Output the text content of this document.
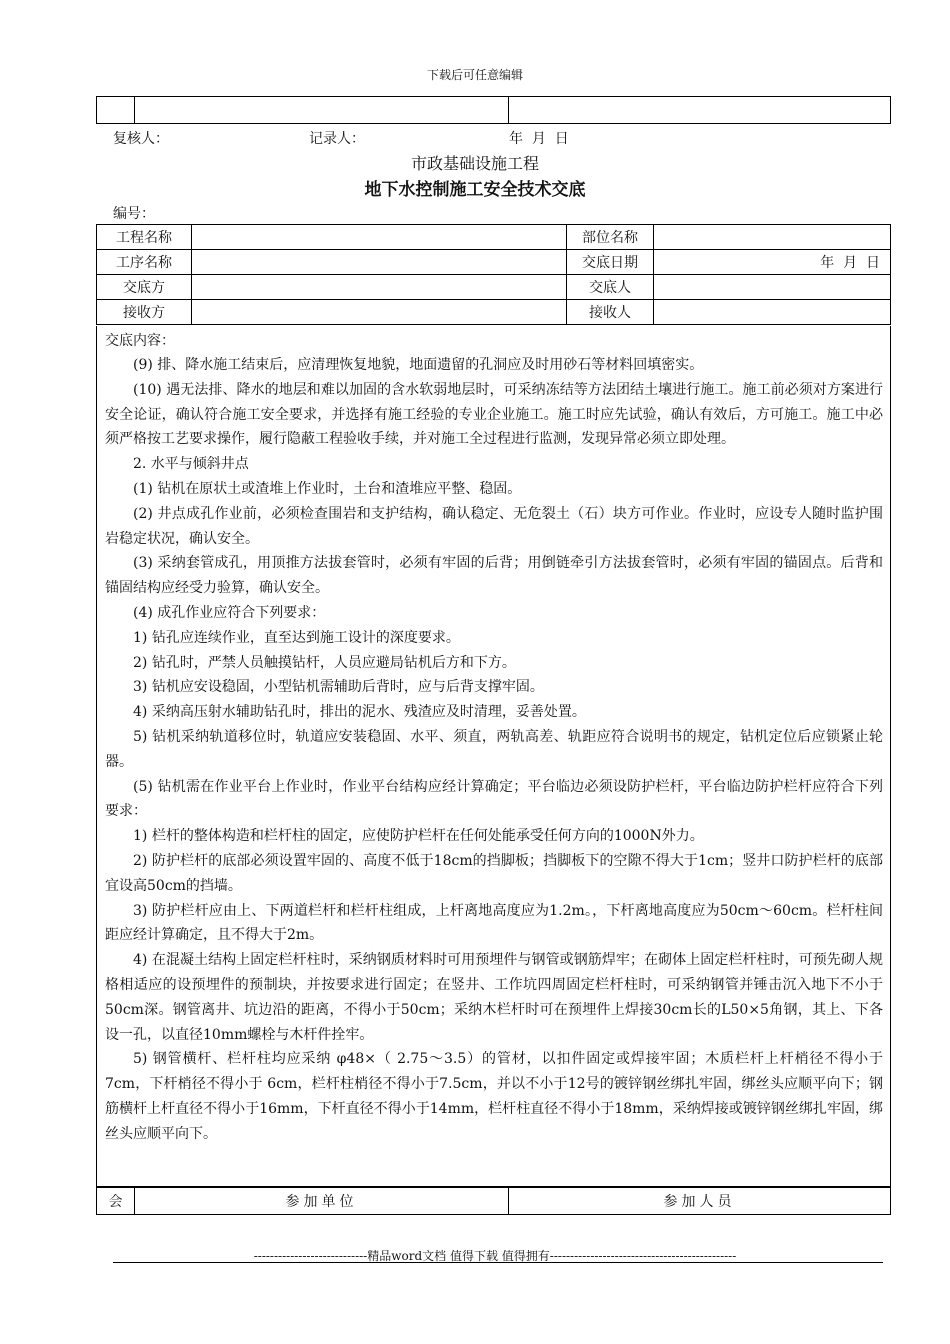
下载后可任意编辑

复核人：	记录人：	年  月  日
市政基础设施工程
地下水控制施工安全技术交底
编号：
工程名称		部位名称	
工序名称		交底日期	年  月  日
交底方		交底人	
接收方		接收人	
交底内容：

(9) 排、降水施工结束后，应清理恢复地貌，地面遗留的孔洞应及时用砂石等材料回填密实。

(10) 遇无法排、降水的地层和难以加固的含水软弱地层时，可采纳冻结等方法团结土壤进行施工。施工前必须对方案进行安全论证，确认符合施工安全要求，并选择有施工经验的专业企业施工。施工时应先试验，确认有效后，方可施工。施工中必须严格按工艺要求操作，履行隐蔽工程验收手续，并对施工全过程进行监测，发现异常必须立即处理。

2. 水平与倾斜井点

(1) 钻机在原状土或渣堆上作业时，土台和渣堆应平整、稳固。

(2) 井点成孔作业前，必须检查围岩和支护结构，确认稳定、无危裂土（石）块方可作业。作业时，应设专人随时监护围岩稳定状况，确认安全。

(3) 采纳套管成孔，用顶推方法拔套管时，必须有牢固的后背；用倒链牵引方法拔套管时，必须有牢固的锚固点。后背和锚固结构应经受力验算，确认安全。

(4) 成孔作业应符合下列要求：

1) 钻孔应连续作业，直至达到施工设计的深度要求。

2) 钻孔时，严禁人员触摸钻杆，人员应避局钻机后方和下方。

3) 钻机应安设稳固，小型钻机需辅助后背时，应与后背支撑牢固。

4) 采纳高压射水辅助钻孔时，排出的泥水、残渣应及时清理，妥善处置。

5) 钻机采纳轨道移位时，轨道应安装稳固、水平、须直，两轨高差、轨距应符合说明书的规定，钻机定位后应锁紧止轮器。

(5) 钻机需在作业平台上作业时，作业平台结构应经计算确定；平台临边必须设防护栏杆，平台临边防护栏杆应符合下列要求：

1) 栏杆的整体构造和栏杆柱的固定，应使防护栏杆在任何处能承受任何方向的1000N外力。

2) 防护栏杆的底部必须设置牢固的、高度不低于18cm的挡脚板；挡脚板下的空隙不得大于1cm；竖井口防护栏杆的底部宜设高50cm的挡墙。

3) 防护栏杆应由上、下两道栏杆和栏杆柱组成，上杆离地高度应为1.2m。，下杆离地高度应为50cm～60cm。栏杆柱间距应经计算确定，且不得大于2m。

4) 在混凝土结构上固定栏杆柱时，采纳钢质材料时可用预埋件与钢管或钢筋焊牢；在砌体上固定栏杆柱时，可预先砌人规格相适应的设预埋件的预制块，并按要求进行固定；在竖井、工作坑四周固定栏杆柱时，可采纳钢管并锤击沉入地下不小于50cm深。钢管离井、坑边沿的距离，不得小于50cm；采纳木栏杆时可在预埋件上焊接30cm长的L50×5角钢，其上、下各设一孔，以直径10mm螺栓与木杆件拴牢。

5) 钢管横杆、栏杆柱均应采纳 φ48×（ 2.75～3.5）的管材，以扣件固定或焊接牢固；木质栏杆上杆梢径不得小于 7cm，下杆梢径不得小于 6cm，栏杆柱梢径不得小于7.5cm，并以不小于12号的镀锌钢丝绑扎牢固，绑丝头应顺平向下；钢筋横杆上杆直径不得小于16mm，下杆直径不得小于14mm，栏杆柱直径不得小于18mm，采纳焊接或镀锌钢丝绑扎牢固，绑丝头应顺平向下。

会	参加单位	参加人员
----------------------------精品word文档 值得下载 值得拥有----------------------------------------------
